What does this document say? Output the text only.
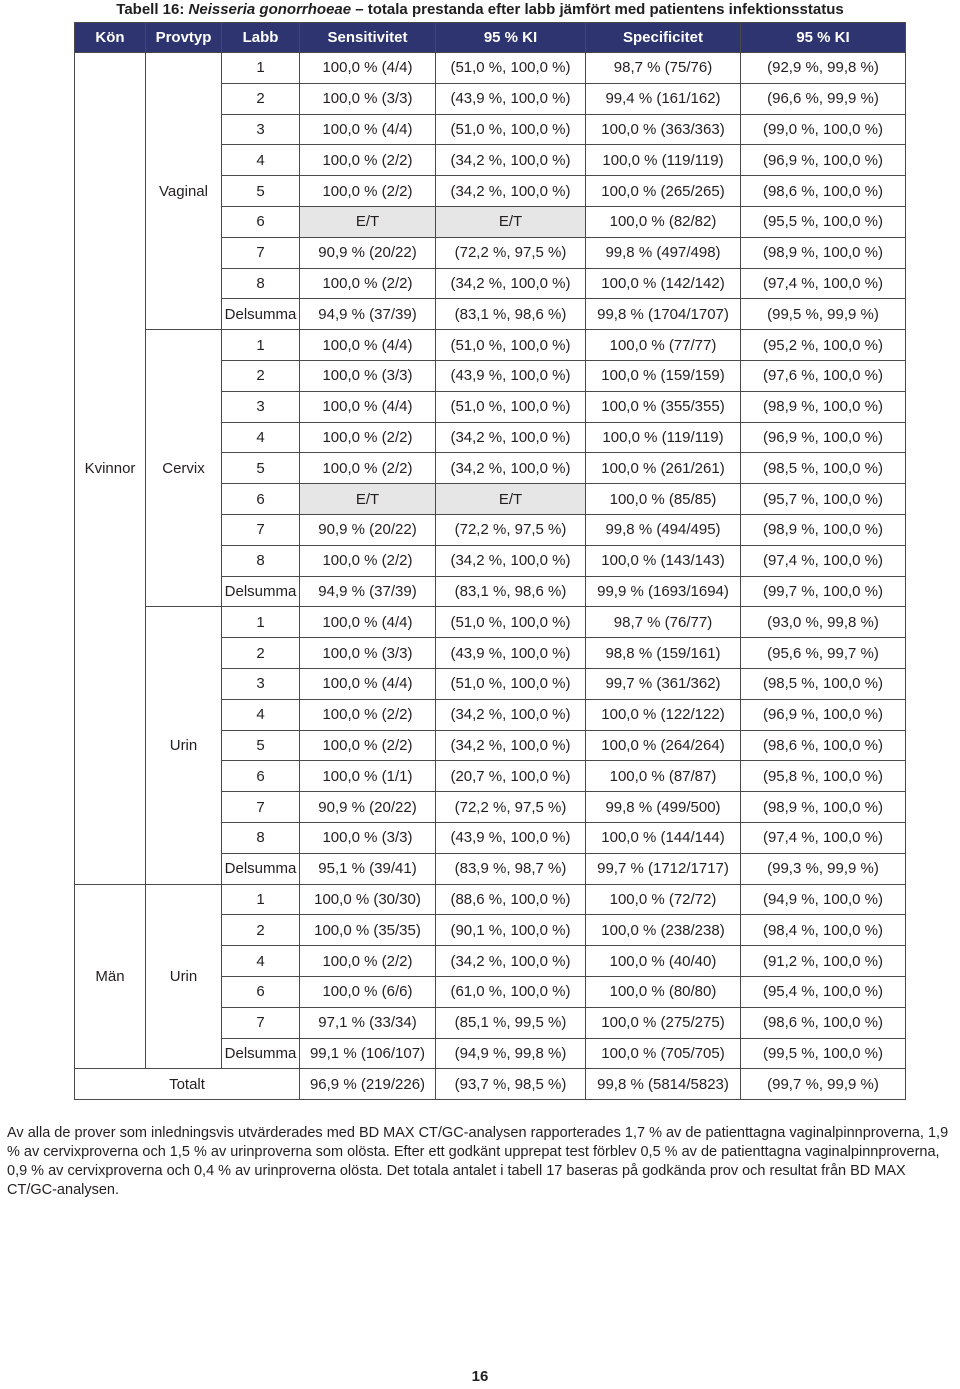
Tabell 16: Neisseria gonorrhoeae – totala prestanda efter labb jämfört med patientens infektionsstatus
Kön	Provtyp	Labb	Sensitivitet	95 % KI	Specificitet	95 % KI
Kvinnor	Vaginal	1	100,0 % (4/4)	(51,0 %, 100,0 %)	98,7 % (75/76)	(92,9 %, 99,8 %)
		2	100,0 % (3/3)	(43,9 %, 100,0 %)	99,4 % (161/162)	(96,6 %, 99,9 %)
		3	100,0 % (4/4)	(51,0 %, 100,0 %)	100,0 % (363/363)	(99,0 %, 100,0 %)
		4	100,0 % (2/2)	(34,2 %, 100,0 %)	100,0 % (119/119)	(96,9 %, 100,0 %)
		5	100,0 % (2/2)	(34,2 %, 100,0 %)	100,0 % (265/265)	(98,6 %, 100,0 %)
		6	E/T	E/T	100,0 % (82/82)	(95,5 %, 100,0 %)
		7	90,9 % (20/22)	(72,2 %, 97,5 %)	99,8 % (497/498)	(98,9 %, 100,0 %)
		8	100,0 % (2/2)	(34,2 %, 100,0 %)	100,0 % (142/142)	(97,4 %, 100,0 %)
		Delsumma	94,9 % (37/39)	(83,1 %, 98,6 %)	99,8 % (1704/1707)	(99,5 %, 99,9 %)
	Cervix	1	100,0 % (4/4)	(51,0 %, 100,0 %)	100,0 % (77/77)	(95,2 %, 100,0 %)
		2	100,0 % (3/3)	(43,9 %, 100,0 %)	100,0 % (159/159)	(97,6 %, 100,0 %)
		3	100,0 % (4/4)	(51,0 %, 100,0 %)	100,0 % (355/355)	(98,9 %, 100,0 %)
		4	100,0 % (2/2)	(34,2 %, 100,0 %)	100,0 % (119/119)	(96,9 %, 100,0 %)
		5	100,0 % (2/2)	(34,2 %, 100,0 %)	100,0 % (261/261)	(98,5 %, 100,0 %)
		6	E/T	E/T	100,0 % (85/85)	(95,7 %, 100,0 %)
		7	90,9 % (20/22)	(72,2 %, 97,5 %)	99,8 % (494/495)	(98,9 %, 100,0 %)
		8	100,0 % (2/2)	(34,2 %, 100,0 %)	100,0 % (143/143)	(97,4 %, 100,0 %)
		Delsumma	94,9 % (37/39)	(83,1 %, 98,6 %)	99,9 % (1693/1694)	(99,7 %, 100,0 %)
	Urin	1	100,0 % (4/4)	(51,0 %, 100,0 %)	98,7 % (76/77)	(93,0 %, 99,8 %)
		2	100,0 % (3/3)	(43,9 %, 100,0 %)	98,8 % (159/161)	(95,6 %, 99,7 %)
		3	100,0 % (4/4)	(51,0 %, 100,0 %)	99,7 % (361/362)	(98,5 %, 100,0 %)
		4	100,0 % (2/2)	(34,2 %, 100,0 %)	100,0 % (122/122)	(96,9 %, 100,0 %)
		5	100,0 % (2/2)	(34,2 %, 100,0 %)	100,0 % (264/264)	(98,6 %, 100,0 %)
		6	100,0 % (1/1)	(20,7 %, 100,0 %)	100,0 % (87/87)	(95,8 %, 100,0 %)
		7	90,9 % (20/22)	(72,2 %, 97,5 %)	99,8 % (499/500)	(98,9 %, 100,0 %)
		8	100,0 % (3/3)	(43,9 %, 100,0 %)	100,0 % (144/144)	(97,4 %, 100,0 %)
		Delsumma	95,1 % (39/41)	(83,9 %, 98,7 %)	99,7 % (1712/1717)	(99,3 %, 99,9 %)
Män	Urin	1	100,0 % (30/30)	(88,6 %, 100,0 %)	100,0 % (72/72)	(94,9 %, 100,0 %)
		2	100,0 % (35/35)	(90,1 %, 100,0 %)	100,0 % (238/238)	(98,4 %, 100,0 %)
		4	100,0 % (2/2)	(34,2 %, 100,0 %)	100,0 % (40/40)	(91,2 %, 100,0 %)
		6	100,0 % (6/6)	(61,0 %, 100,0 %)	100,0 % (80/80)	(95,4 %, 100,0 %)
		7	97,1 % (33/34)	(85,1 %, 99,5 %)	100,0 % (275/275)	(98,6 %, 100,0 %)
		Delsumma	99,1 % (106/107)	(94,9 %, 99,8 %)	100,0 % (705/705)	(99,5 %, 100,0 %)
Totalt			96,9 % (219/226)	(93,7 %, 98,5 %)	99,8 % (5814/5823)	(99,7 %, 99,9 %)
Av alla de prover som inledningsvis utvärderades med BD MAX CT/GC-analysen rapporterades 1,7 % av de patienttagna vaginalpinnproverna, 1,9 % av cervixproverna och 1,5 % av urinproverna som olösta. Efter ett godkänt upprepat test förblev 0,5 % av de patienttagna vaginalpinnproverna, 0,9 % av cervixproverna och 0,4 % av urinproverna olösta. Det totala antalet i tabell 17 baseras på godkända prov och resultat från BD MAX CT/GC-analysen.
16
